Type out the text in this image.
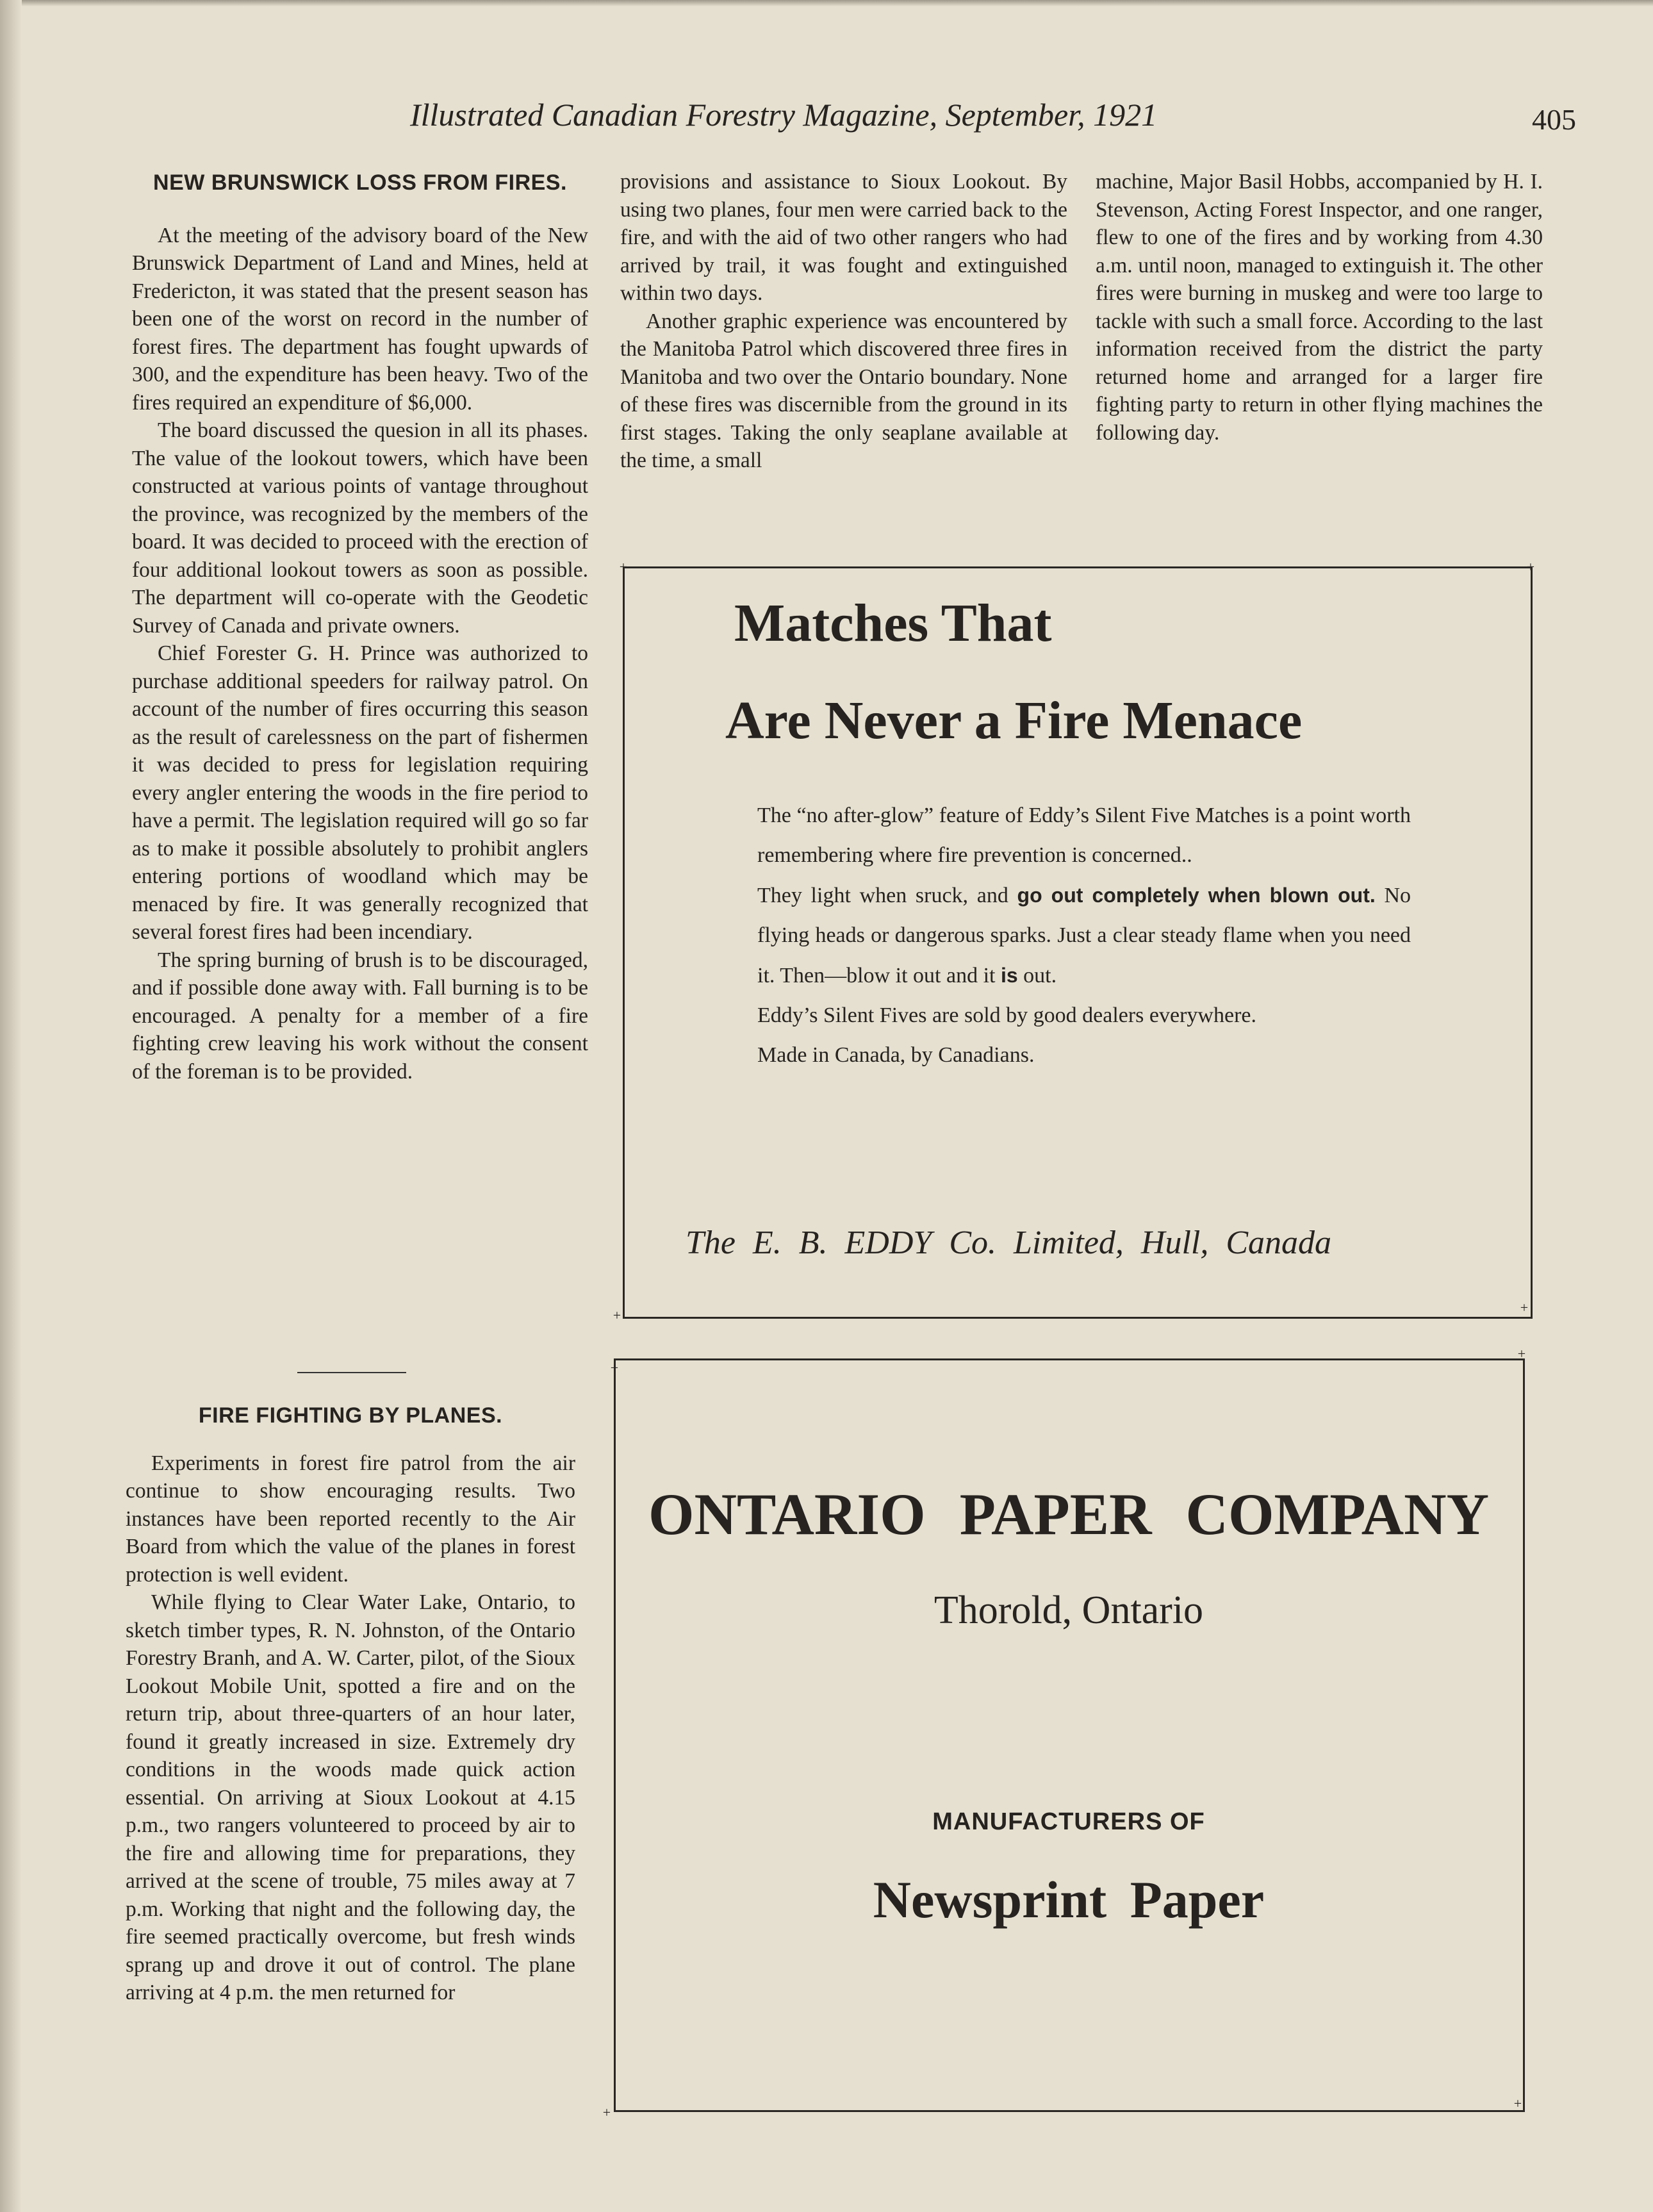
Illustrated Canadian Forestry Magazine, September, 1921	405
NEW BRUNSWICK LOSS FROM FIRES.

At the meeting of the advisory board of the New Brunswick Department of Land and Mines, held at Fredericton, it was stated that the present season has been one of the worst on record in the number of forest fires. The department has fought upwards of 300, and the expenditure has been heavy. Two of the fires required an expenditure of $6,000.

The board discussed the quesion in all its phases. The value of the lookout towers, which have been constructed at various points of vantage throughout the province, was recognized by the members of the board. It was decided to proceed with the erection of four additional lookout towers as soon as possible. The department will co-operate with the Geodetic Survey of Canada and private owners.

Chief Forester G. H. Prince was authorized to purchase additional speeders for railway patrol. On account of the number of fires occurring this season as the result of carelessness on the part of fishermen it was decided to press for legislation requiring every angler entering the woods in the fire period to have a permit. The legislation required will go so far as to make it possible absolutely to prohibit anglers entering portions of woodland which may be menaced by fire. It was generally recognized that several forest fires had been incendiary.

The spring burning of brush is to be discouraged, and if possible done away with. Fall burning is to be encouraged. A penalty for a member of a fire fighting crew leaving his work without the consent of the foreman is to be provided.

FIRE FIGHTING BY PLANES.

Experiments in forest fire patrol from the air continue to show encouraging results. Two instances have been reported recently to the Air Board from which the value of the planes in forest protection is well evident.

While flying to Clear Water Lake, Ontario, to sketch timber types, R. N. Johnston, of the Ontario Forestry Branh, and A. W. Carter, pilot, of the Sioux Lookout Mobile Unit, spotted a fire and on the return trip, about three-quarters of an hour later, found it greatly increased in size. Extremely dry conditions in the woods made quick action essential. On arriving at Sioux Lookout at 4.15 p.m., two rangers volunteered to proceed by air to the fire and allowing time for preparations, they arrived at the scene of trouble, 75 miles away at 7 p.m. Working that night and the following day, the fire seemed practically overcome, but fresh winds sprang up and drove it out of control. The plane arriving at 4 p.m. the men returned for

provisions and assistance to Sioux Lookout. By using two planes, four men were carried back to the fire, and with the aid of two other rangers who had arrived by trail, it was fought and extinguished within two days.

Another graphic experience was encountered by the Manitoba Patrol which discovered three fires in Manitoba and two over the Ontario boundary. None of these fires was discernible from the ground in its first stages. Taking the only seaplane available at the time, a small

machine, Major Basil Hobbs, accompanied by H. I. Stevenson, Acting Forest Inspector, and one ranger, flew to one of the fires and by working from 4.30 a.m. until noon, managed to extinguish it. The other fires were burning in muskeg and were too large to tackle with such a small force. According to the last information received from the district the party returned home and arranged for a larger fire fighting party to return in other flying machines the following day.

+	+
+	+
Matches That
Are Never a Fire Menace

The “no after-glow” feature of Eddy’s Silent Five Matches is a point worth remembering where fire prevention is concerned..

They light when sruck, and go out completely when blown out. No flying heads or dangerous sparks. Just a clear steady flame when you need it. Then—blow it out and it is out.

Eddy’s Silent Fives are sold by good dealers everywhere.

Made in Canada, by Canadians.

The E. B. EDDY Co. Limited, Hull, Canada
+
+
+
+
ONTARIO PAPER COMPANY
Thorold, Ontario
MANUFACTURERS OF
Newsprint Paper
